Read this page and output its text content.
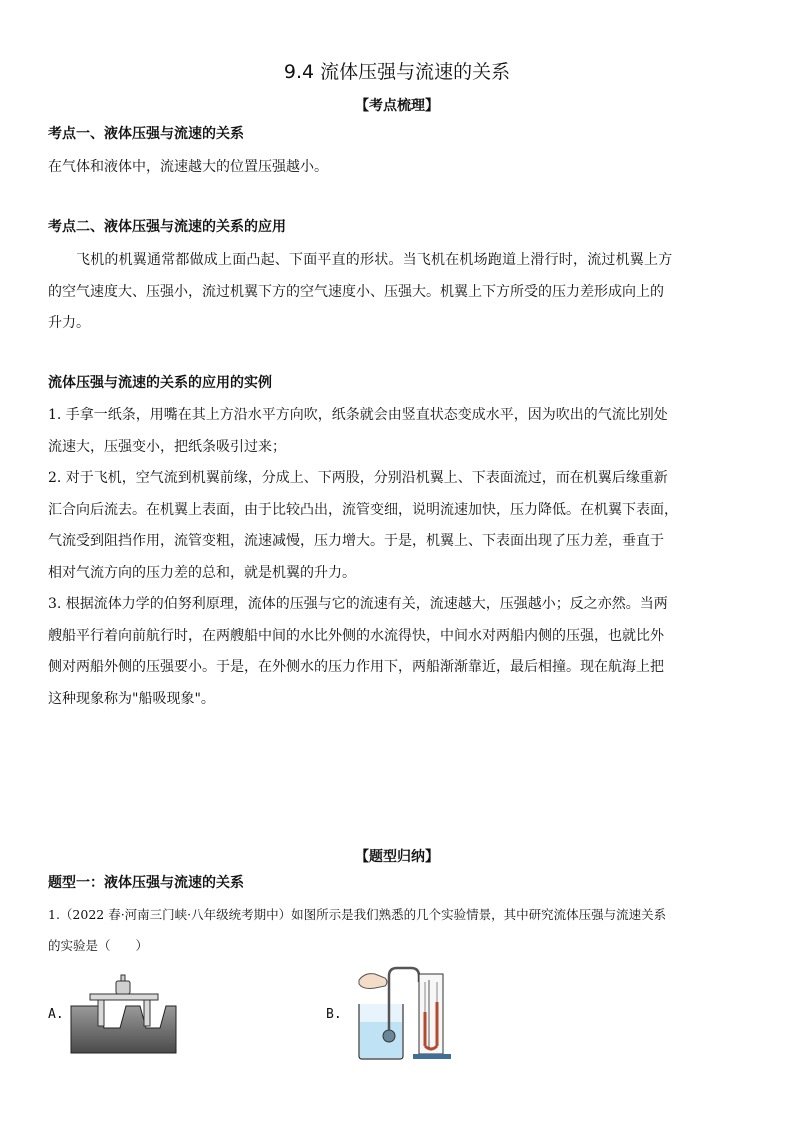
9.4 流体压强与流速的关系
【考点梳理】
考点一、液体压强与流速的关系
在气体和液体中，流速越大的位置压强越小。
考点二、液体压强与流速的关系的应用
飞机的机翼通常都做成上面凸起、下面平直的形状。当飞机在机场跑道上滑行时，流过机翼上方
的空气速度大、压强小，流过机翼下方的空气速度小、压强大。机翼上下方所受的压力差形成向上的
升力。
流体压强与流速的关系的应用的实例
1. 手拿一纸条，用嘴在其上方沿水平方向吹，纸条就会由竖直状态变成水平，因为吹出的气流比别处
流速大，压强变小，把纸条吸引过来；
2. 对于飞机，空气流到机翼前缘，分成上、下两股，分别沿机翼上、下表面流过，而在机翼后缘重新
汇合向后流去。在机翼上表面，由于比较凸出，流管变细，说明流速加快，压力降低。在机翼下表面，
气流受到阻挡作用，流管变粗，流速减慢，压力增大。于是，机翼上、下表面出现了压力差，垂直于
相对气流方向的压力差的总和，就是机翼的升力。
3. 根据流体力学的伯努利原理，流体的压强与它的流速有关，流速越大，压强越小；反之亦然。当两
艘船平行着向前航行时，在两艘船中间的水比外侧的水流得快，中间水对两船内侧的压强，也就比外
侧对两船外侧的压强要小。于是，在外侧水的压力作用下，两船渐渐靠近，最后相撞。现在航海上把
这种现象称为"船吸现象"。
【题型归纳】
题型一：液体压强与流速的关系
1.（2022 春·河南三门峡·八年级统考期中）如图所示是我们熟悉的几个实验情景，其中研究流体压强与流速关系
的实验是（　　）
A.	B.
